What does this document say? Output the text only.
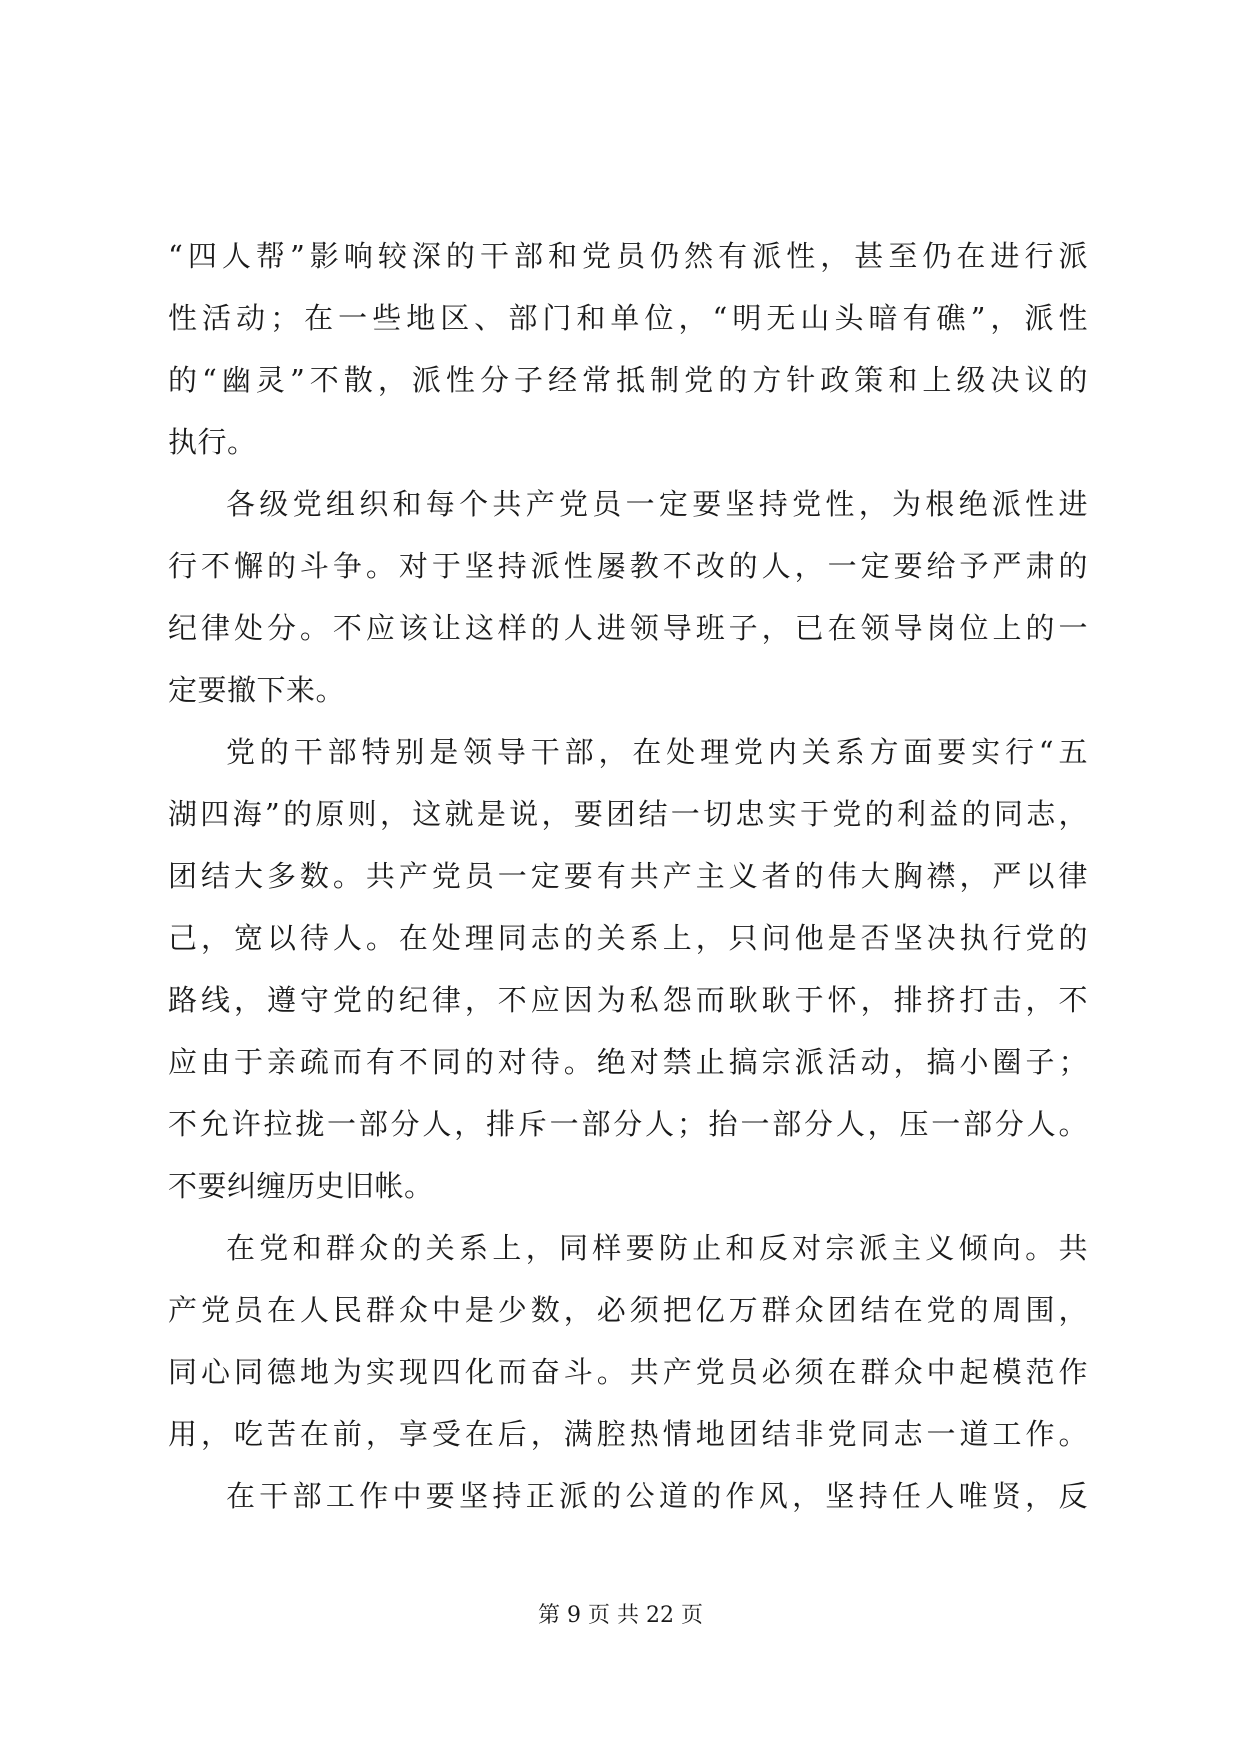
“四人帮”影响较深的干部和党员仍然有派性，甚至仍在进行派
性活动；在一些地区、部门和单位，“明无山头暗有礁”，派性
的“幽灵”不散，派性分子经常抵制党的方针政策和上级决议的
执行。
各级党组织和每个共产党员一定要坚持党性，为根绝派性进
行不懈的斗争。对于坚持派性屡教不改的人，一定要给予严肃的
纪律处分。不应该让这样的人进领导班子，已在领导岗位上的一
定要撤下来。
党的干部特别是领导干部，在处理党内关系方面要实行“五
湖四海”的原则，这就是说，要团结一切忠实于党的利益的同志，
团结大多数。共产党员一定要有共产主义者的伟大胸襟，严以律
己，宽以待人。在处理同志的关系上，只问他是否坚决执行党的
路线，遵守党的纪律，不应因为私怨而耿耿于怀，排挤打击，不
应由于亲疏而有不同的对待。绝对禁止搞宗派活动，搞小圈子；
不允许拉拢一部分人，排斥一部分人；抬一部分人，压一部分人。
不要纠缠历史旧帐。
在党和群众的关系上，同样要防止和反对宗派主义倾向。共
产党员在人民群众中是少数，必须把亿万群众团结在党的周围，
同心同德地为实现四化而奋斗。共产党员必须在群众中起模范作
用，吃苦在前，享受在后，满腔热情地团结非党同志一道工作。
在干部工作中要坚持正派的公道的作风，坚持任人唯贤，反
第 9 页 共 22 页
